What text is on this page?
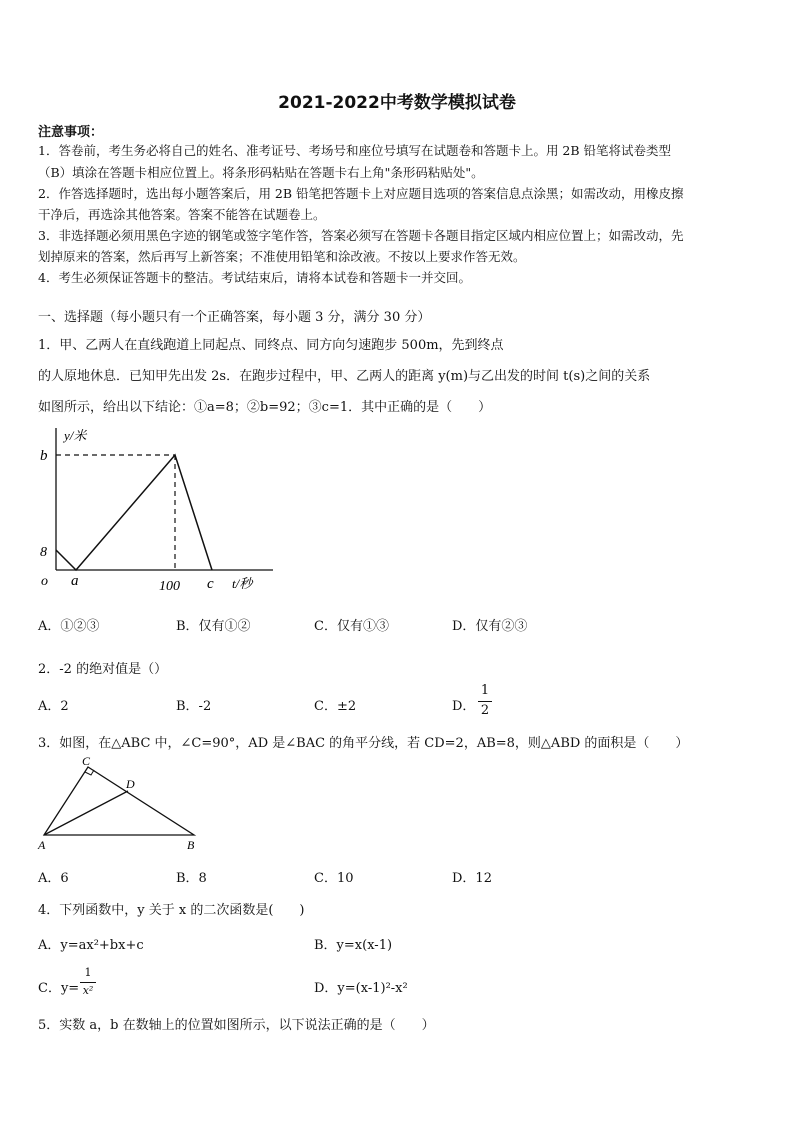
2021-2022中考数学模拟试卷
注意事项：
1．答卷前，考生务必将自己的姓名、准考证号、考场号和座位号填写在试题卷和答题卡上。用 2B 铅笔将试卷类型
（B）填涂在答题卡相应位置上。将条形码粘贴在答题卡右上角"条形码粘贴处"。
2．作答选择题时，选出每小题答案后，用 2B 铅笔把答题卡上对应题目选项的答案信息点涂黑；如需改动，用橡皮擦
干净后，再选涂其他答案。答案不能答在试题卷上。
3．非选择题必须用黑色字迹的钢笔或签字笔作答，答案必须写在答题卡各题目指定区域内相应位置上；如需改动，先
划掉原来的答案，然后再写上新答案；不准使用铅笔和涂改液。不按以上要求作答无效。
4．考生必须保证答题卡的整洁。考试结束后，请将本试卷和答题卡一并交回。
一、选择题（每小题只有一个正确答案，每小题 3 分，满分 30 分）
1．甲、乙两人在直线跑道上同起点、同终点、同方向匀速跑步 500m，先到终点
的人原地休息．已知甲先出发 2s．在跑步过程中，甲、乙两人的距离 y(m)与乙出发的时间 t(s)之间的关系
如图所示，给出以下结论：①a=8；②b=92；③c=1．其中正确的是（　　）
y/米
b
8
o a	100 c t/秒
A．①②③	B．仅有①②	C．仅有①③	D．仅有②③
2．-2 的绝对值是（）
A．2	B．-2	C．±2	D．
1
2
3．如图，在△ABC 中，∠C=90°，AD 是∠BAC 的角平分线，若 CD=2，AB=8，则△ABD 的面积是（　　）
C
D
A	B
A．6	B．8	C．10	D．12
4．下列函数中，y 关于 x 的二次函数是(　　)
A．y=ax²+bx+c	B．y=x(x-1)
C．y=
1
x²	D．y=(x-1)²-x²
5．实数 a，b 在数轴上的位置如图所示，以下说法正确的是（　　）
